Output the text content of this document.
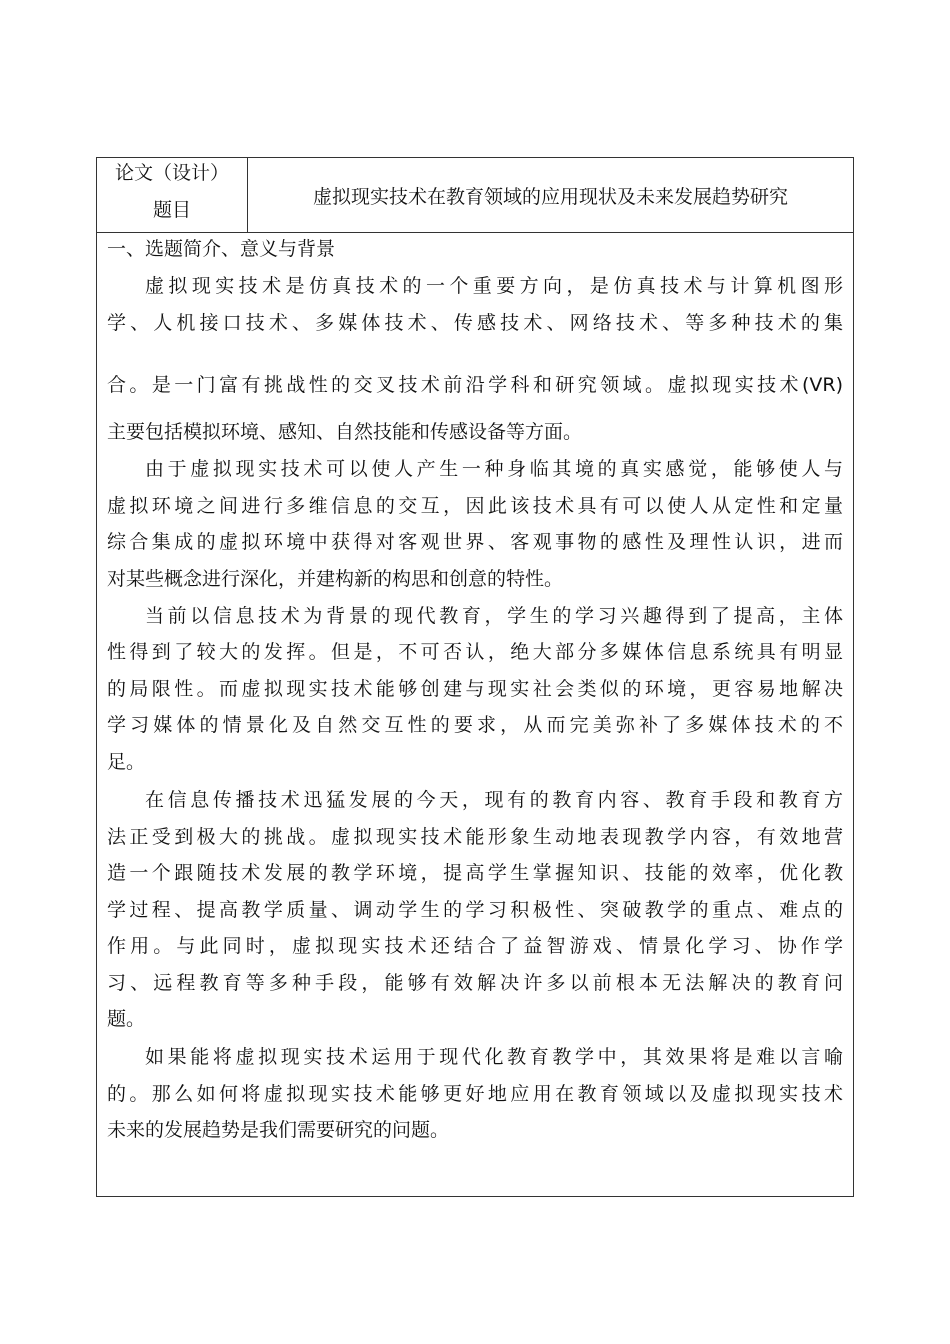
论文（设计）
题目
虚拟现实技术在教育领域的应用现状及未来发展趋势研究
一、选题简介、意义与背景
虚拟现实技术是仿真技术的一个重要方向，是仿真技术与计算机图形
学、人机接口技术、多媒体技术、传感技术、网络技术、等多种技术的集
合。是一门富有挑战性的交叉技术前沿学科和研究领域。虚拟现实技术(VR)
主要包括模拟环境、感知、自然技能和传感设备等方面。
由于虚拟现实技术可以使人产生一种身临其境的真实感觉，能够使人与
虚拟环境之间进行多维信息的交互，因此该技术具有可以使人从定性和定量
综合集成的虚拟环境中获得对客观世界、客观事物的感性及理性认识，进而
对某些概念进行深化，并建构新的构思和创意的特性。
当前以信息技术为背景的现代教育，学生的学习兴趣得到了提高，主体
性得到了较大的发挥。但是，不可否认，绝大部分多媒体信息系统具有明显
的局限性。而虚拟现实技术能够创建与现实社会类似的环境，更容易地解决
学习媒体的情景化及自然交互性的要求，从而完美弥补了多媒体技术的不
足。
在信息传播技术迅猛发展的今天，现有的教育内容、教育手段和教育方
法正受到极大的挑战。虚拟现实技术能形象生动地表现教学内容，有效地营
造一个跟随技术发展的教学环境，提高学生掌握知识、技能的效率，优化教
学过程、提高教学质量、调动学生的学习积极性、突破教学的重点、难点的
作用。与此同时，虚拟现实技术还结合了益智游戏、情景化学习、协作学
习、远程教育等多种手段，能够有效解决许多以前根本无法解决的教育问
题。
如果能将虚拟现实技术运用于现代化教育教学中，其效果将是难以言喻
的。那么如何将虚拟现实技术能够更好地应用在教育领域以及虚拟现实技术
未来的发展趋势是我们需要研究的问题。
